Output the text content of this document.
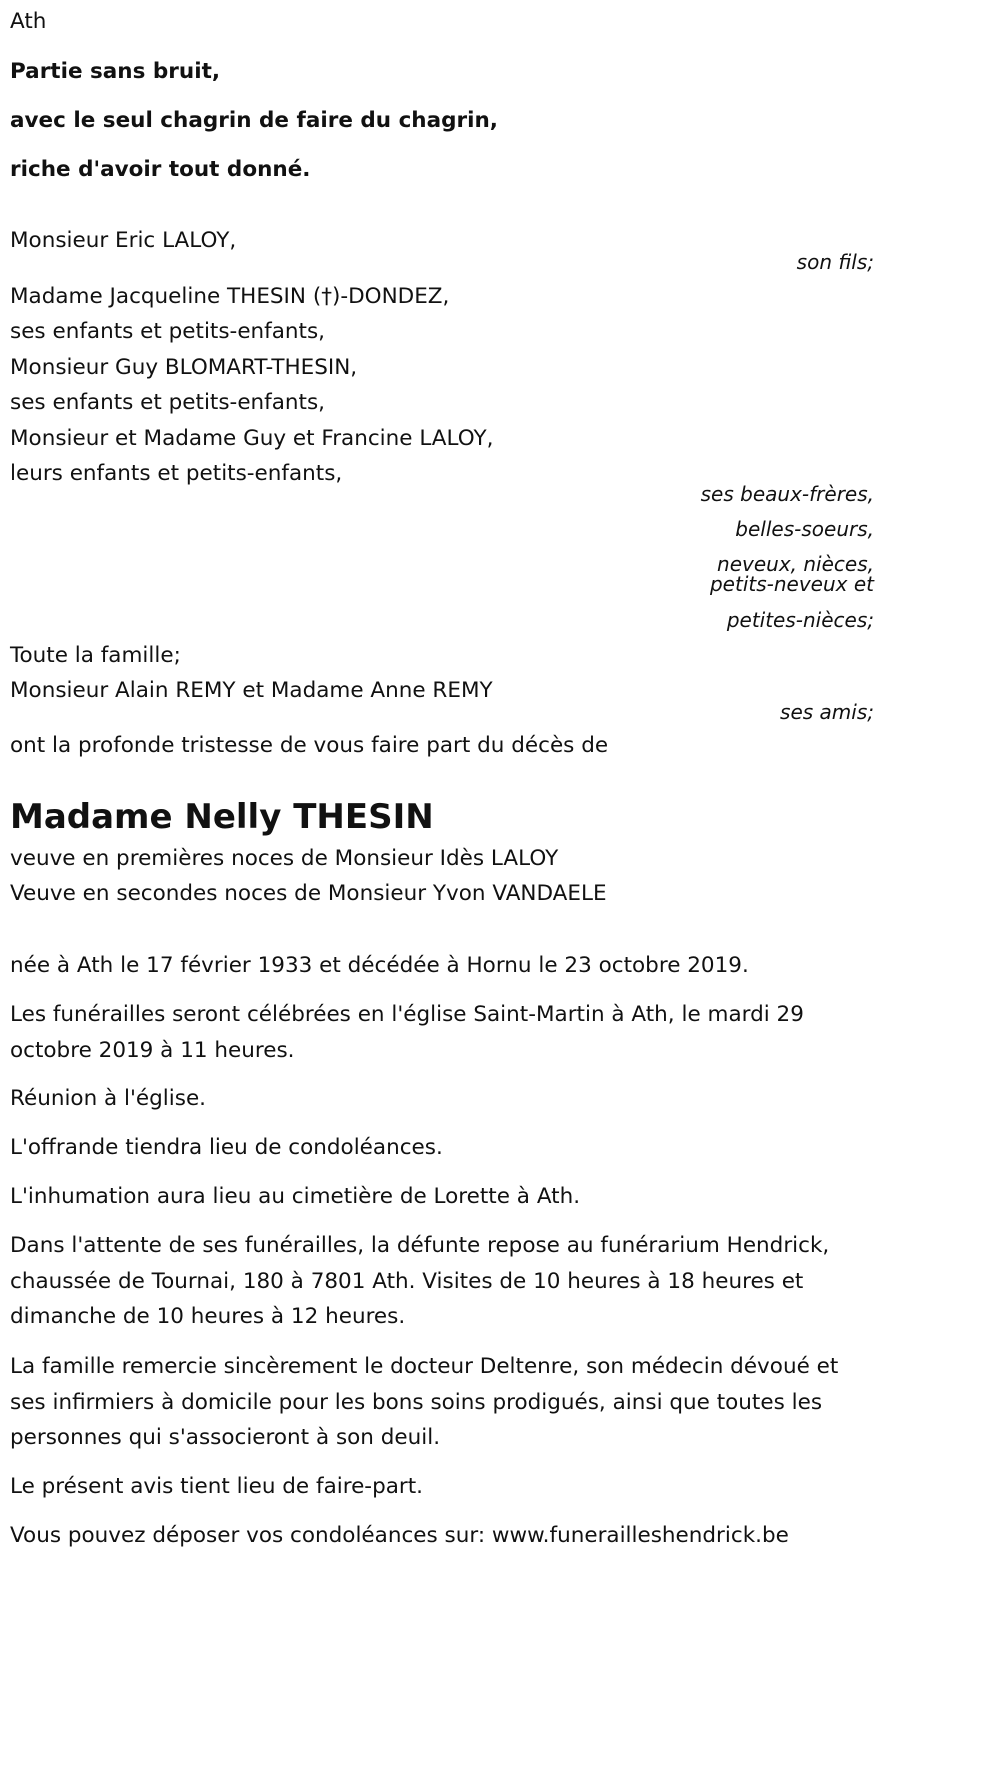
Ath
Partie sans bruit,
avec le seul chagrin de faire du chagrin,
riche d'avoir tout donné.
Monsieur Eric LALOY,
son fils;
Madame Jacqueline THESIN (†)-DONDEZ,
ses enfants et petits-enfants,
Monsieur Guy BLOMART-THESIN,
ses enfants et petits-enfants,
Monsieur et Madame Guy et Francine LALOY,
leurs enfants et petits-enfants,
ses beaux-frères,
belles-soeurs,
neveux, nièces,
petits-neveux et
petites-nièces;
Toute la famille;
Monsieur Alain REMY et Madame Anne REMY
ses amis;
ont la profonde tristesse de vous faire part du décès de
Madame Nelly THESIN
veuve en premières noces de Monsieur Idès LALOY
Veuve en secondes noces de Monsieur Yvon VANDAELE
née à Ath le 17 février 1933 et décédée à Hornu le 23 octobre 2019.
Les funérailles seront célébrées en l'église Saint-Martin à Ath, le mardi 29 octobre 2019 à 11 heures.
Réunion à l'église.
L'offrande tiendra lieu de condoléances.
L'inhumation aura lieu au cimetière de Lorette à Ath.
Dans l'attente de ses funérailles, la défunte repose au funérarium Hendrick, chaussée de Tournai, 180 à 7801 Ath. Visites de 10 heures à 18 heures et dimanche de 10 heures à 12 heures.
La famille remercie sincèrement le docteur Deltenre, son médecin dévoué et ses infirmiers à domicile pour les bons soins prodigués, ainsi que toutes les personnes qui s'associeront à son deuil.
Le présent avis tient lieu de faire-part.
Vous pouvez déposer vos condoléances sur: www.funerailleshendrick.be
